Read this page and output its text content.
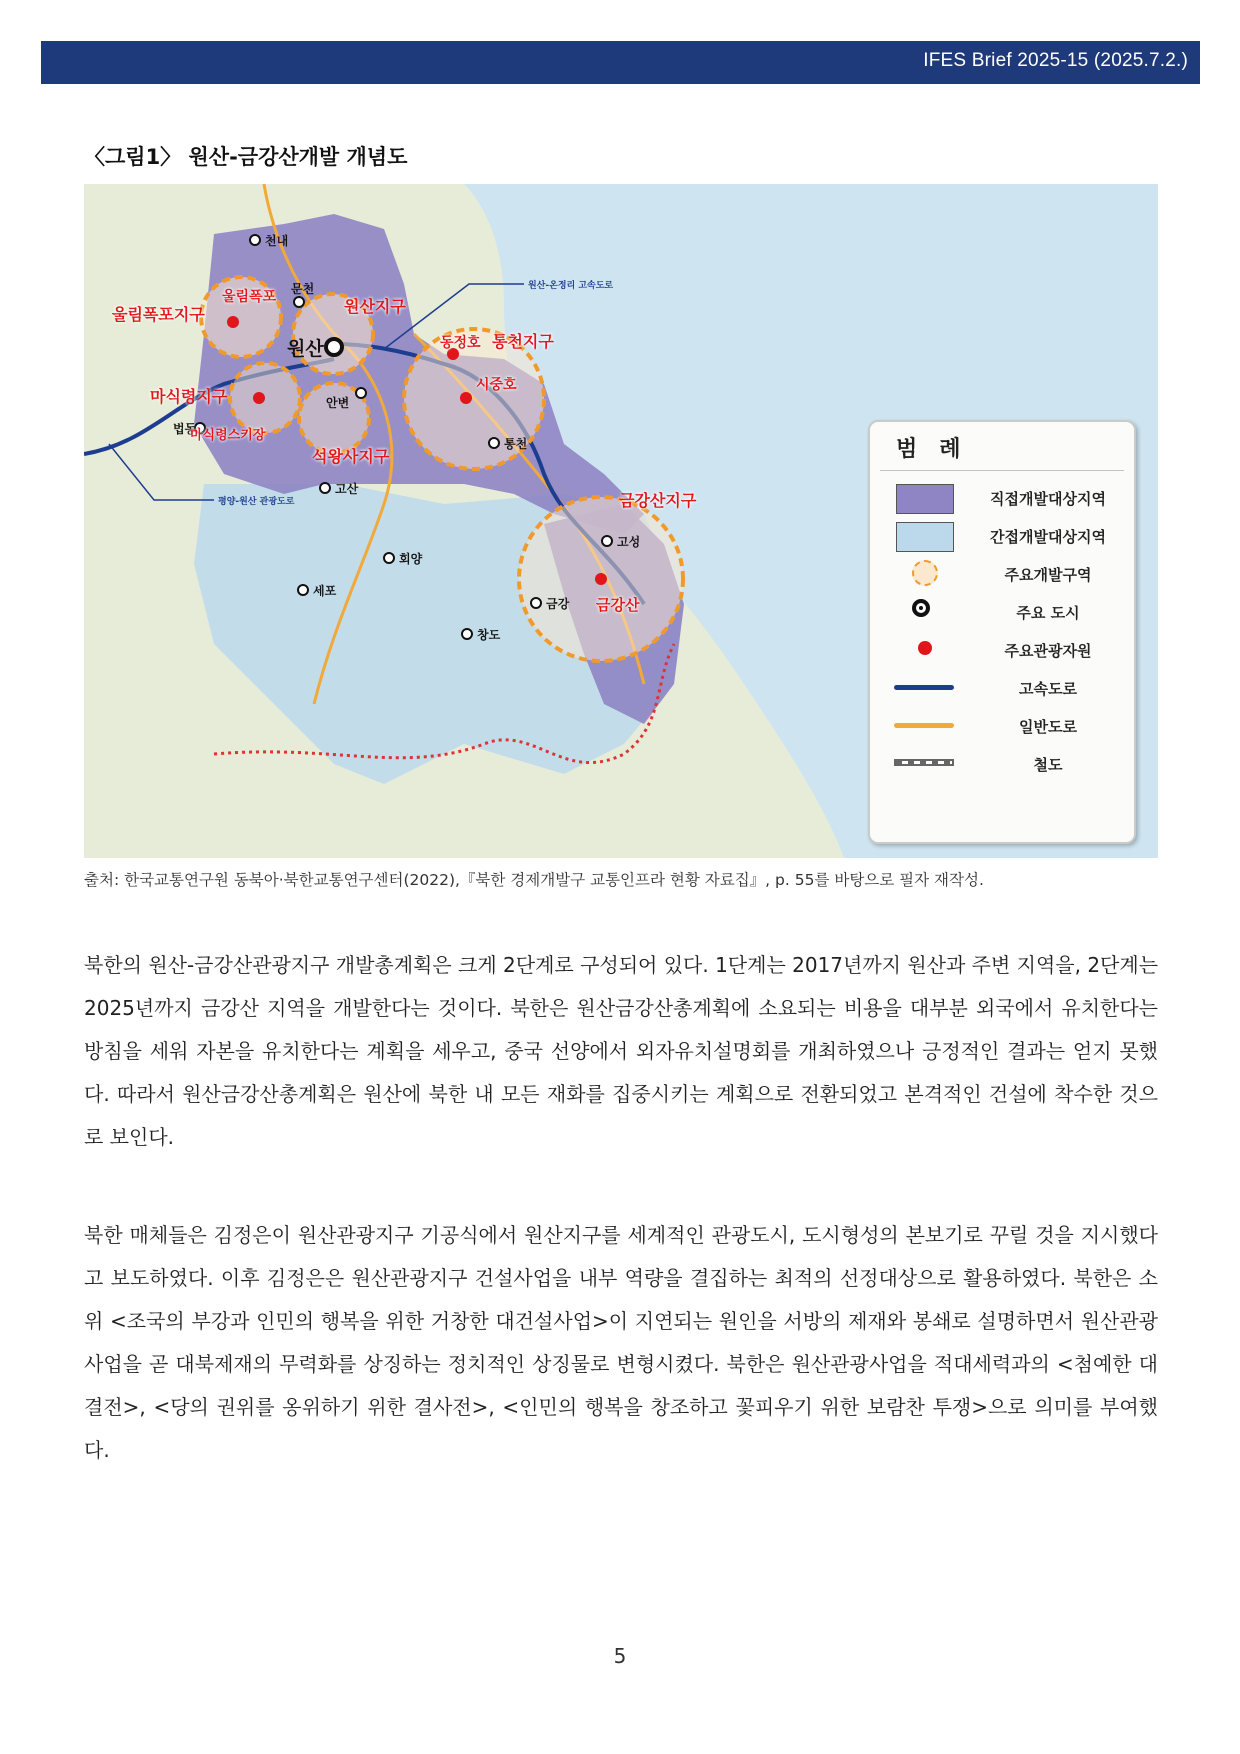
IFES Brief 2025-15 (2025.7.2.)
〈그림1〉 원산-금강산개발 개념도
천내
문천
원산
안변
법동
통천
고산
회양
세포
고성
금강
창도
울림폭포지구	원산지구
통천지구
마식령지구
석왕사지구
금강산지구
울림폭포
동정호
시중호
마식령스키장
금강산
원산-온정리 고속도로
평양-원산 관광도로
범례
직접개발대상지역
간접개발대상지역
주요개발구역
주요 도시
주요관광자원
고속도로
일반도로
철도
출처: 한국교통연구원 동북아·북한교통연구센터(2022),『북한 경제개발구 교통인프라 현황 자료집』, p. 55를 바탕으로 필자 재작성.

북한의 원산-금강산관광지구 개발총계획은 크게 2단계로 구성되어 있다. 1단계는 2017년까지 원산과 주변 지역을, 2단계는 2025년까지 금강산 지역을 개발한다는 것이다. 북한은 원산금강산총계획에 소요되는 비용을 대부분 외국에서 유치한다는 방침을 세워 자본을 유치한다는 계획을 세우고, 중국 선양에서 외자유치설명회를 개최하였으나 긍정적인 결과는 얻지 못했다. 따라서 원산금강산총계획은 원산에 북한 내 모든 재화를 집중시키는 계획으로 전환되었고 본격적인 건설에 착수한 것으로 보인다.

북한 매체들은 김정은이 원산관광지구 기공식에서 원산지구를 세계적인 관광도시, 도시형성의 본보기로 꾸릴 것을 지시했다고 보도하였다. 이후 김정은은 원산관광지구 건설사업을 내부 역량을 결집하는 최적의 선정대상으로 활용하였다. 북한은 소위 <조국의 부강과 인민의 행복을 위한 거창한 대건설사업>이 지연되는 원인을 서방의 제재와 봉쇄로 설명하면서 원산관광사업을 곧 대북제재의 무력화를 상징하는 정치적인 상징물로 변형시켰다. 북한은 원산관광사업을 적대세력과의 <첨예한 대결전>, <당의 권위를 옹위하기 위한 결사전>, <인민의 행복을 창조하고 꽃피우기 위한 보람찬 투쟁>으로 의미를 부여했다.

5
